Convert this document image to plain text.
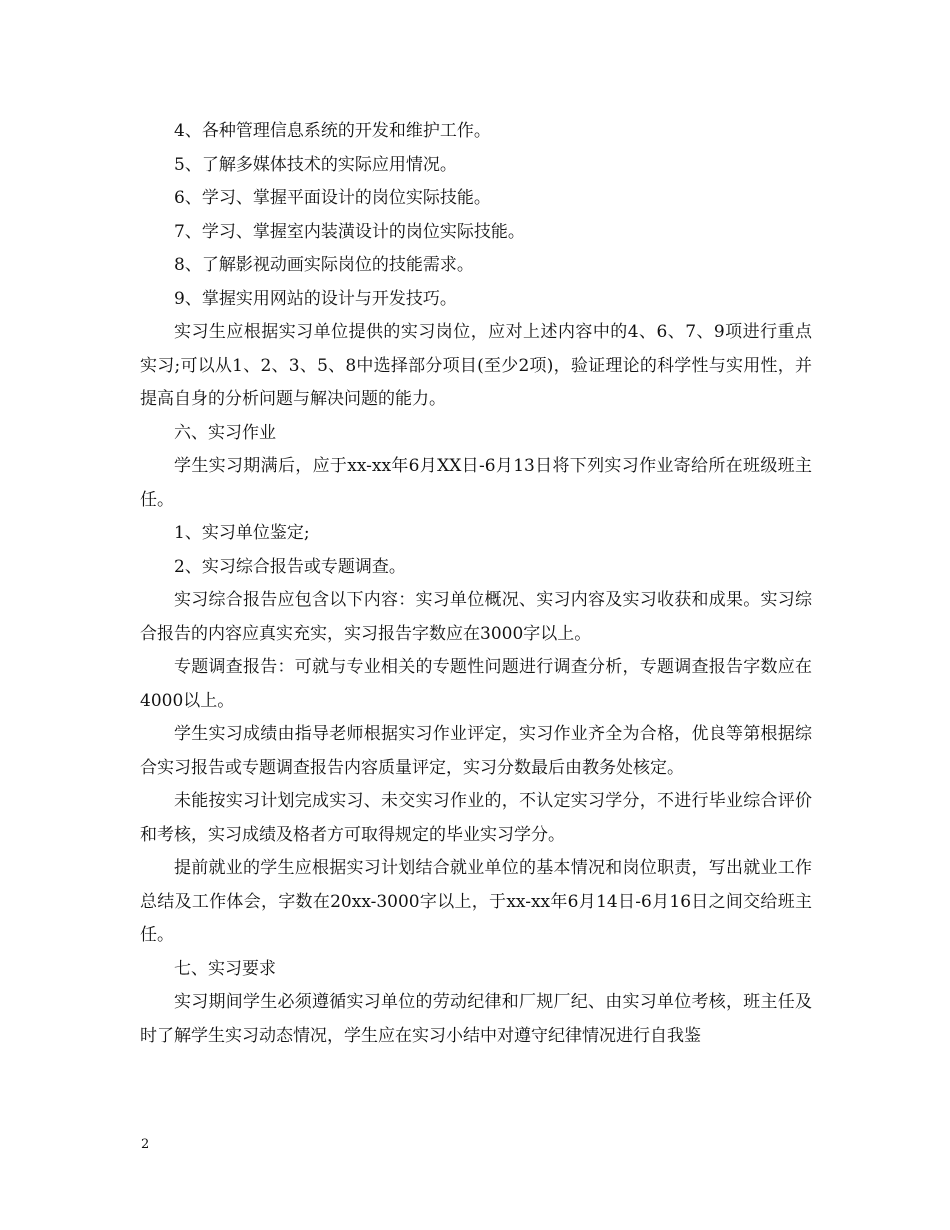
4、各种管理信息系统的开发和维护工作。

5、了解多媒体技术的实际应用情况。

6、学习、掌握平面设计的岗位实际技能。

7、学习、掌握室内装潢设计的岗位实际技能。

8、了解影视动画实际岗位的技能需求。

9、掌握实用网站的设计与开发技巧。

实习生应根据实习单位提供的实习岗位，应对上述内容中的4、6、7、9项进行重点实习;可以从1、2、3、5、8中选择部分项目(至少2项)，验证理论的科学性与实用性，并提高自身的分析问题与解决问题的能力。

六、实习作业

学生实习期满后，应于xx-xx年6月XX日-6月13日将下列实习作业寄给所在班级班主任。

1、实习单位鉴定;

2、实习综合报告或专题调查。

实习综合报告应包含以下内容：实习单位概况、实习内容及实习收获和成果。实习综合报告的内容应真实充实，实习报告字数应在3000字以上。

专题调查报告：可就与专业相关的专题性问题进行调查分析，专题调查报告字数应在4000以上。

学生实习成绩由指导老师根据实习作业评定，实习作业齐全为合格，优良等第根据综合实习报告或专题调查报告内容质量评定，实习分数最后由教务处核定。

未能按实习计划完成实习、未交实习作业的，不认定实习学分，不进行毕业综合评价和考核，实习成绩及格者方可取得规定的毕业实习学分。

提前就业的学生应根据实习计划结合就业单位的基本情况和岗位职责，写出就业工作总结及工作体会，字数在20xx-3000字以上，于xx-xx年6月14日-6月16日之间交给班主任。

七、实习要求

实习期间学生必须遵循实习单位的劳动纪律和厂规厂纪、由实习单位考核，班主任及时了解学生实习动态情况，学生应在实习小结中对遵守纪律情况进行自我鉴

2
